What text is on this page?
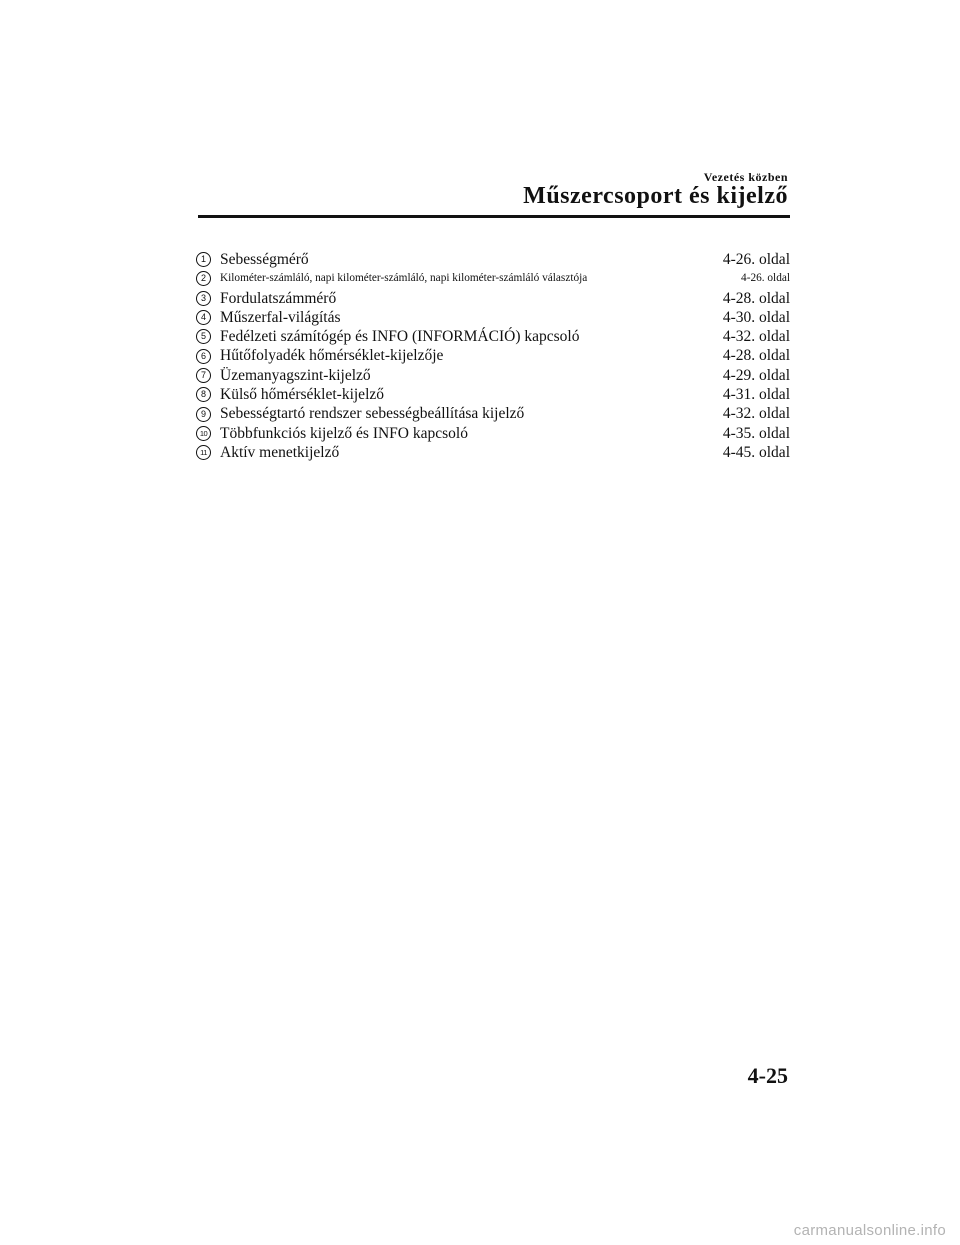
Vezetés közben
Műszercsoport és kijelző
1 Sebességmérő	4-26. oldal
2	Kilométer-számláló, napi kilométer-számláló, napi kilométer-számláló választója	4-26. oldal
3 Fordulatszámmérő	4-28. oldal
4 Műszerfal-világítás	4-30. oldal
5 Fedélzeti számítógép és INFO (INFORMÁCIÓ) kapcsoló	4-32. oldal
6 Hűtőfolyadék hőmérséklet-kijelzője	4-28. oldal
7 Üzemanyagszint-kijelző	4-29. oldal
8 Külső hőmérséklet-kijelző	4-31. oldal
9 Sebességtartó rendszer sebességbeállítása kijelző	4-32. oldal
10 Többfunkciós kijelző és INFO kapcsoló	4-35. oldal
11 Aktív menetkijelző	4-45. oldal
4-25
carmanualsonline.info
